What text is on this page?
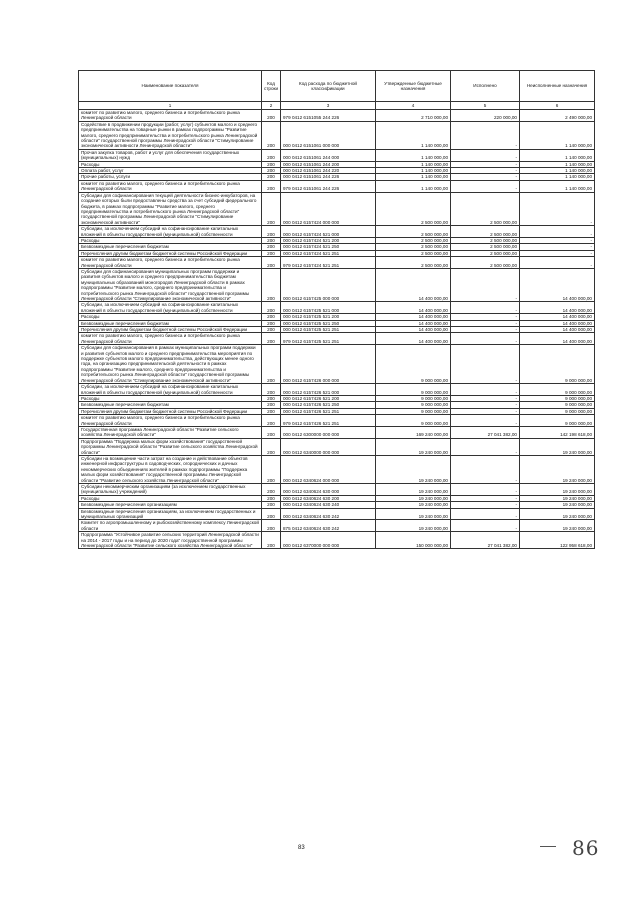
Наименование показателя	Код строки	Код расхода по бюджетной классификации	Утвержденные бюджетные назначения	Исполнено	Неисполненные назначения
1	2	3	4	5	6
комитет по развитию малого, среднего бизнеса и потребительского рынка Ленинградской области	200	979 0412 6151055 244 226	2 710 000,00	220 000,00	2 490 000,00
Содействие в продвижении продукции (работ, услуг) субъектов малого и среднего предпринимательства на товарные рынки в рамках подпрограммы "Развитие малого, среднего предпринимательства и потребительского рынка Ленинградской области" государственной программы Ленинградской области "Стимулирование экономической активности Ленинградской области"	200	000 0412 6151061 000 000	1 140 000,00	-	1 140 000,00
Прочая закупка товаров, работ и услуг для обеспечения государственных (муниципальных) нужд	200	000 0412 6151061 244 000	1 140 000,00	-	1 140 000,00
Расходы	200	000 0412 6151061 244 200	1 140 000,00	-	1 140 000,00
Оплата работ, услуг	200	000 0412 6151061 244 220	1 140 000,00	-	1 140 000,00
Прочие работы, услуги	200	000 0412 6151061 244 226	1 140 000,00	-	1 140 000,00
комитет по развитию малого, среднего бизнеса и потребительского рынка Ленинградской области	200	979 0412 6151061 244 226	1 140 000,00	-	1 140 000,00
Субсидии для софинансирования текущей деятельности бизнес-инкубаторов, на создание которых были предоставлены средства за счет субсидий федерального бюджета, в рамках подпрограммы "Развитие малого, среднего предпринимательства и потребительского рынка Ленинградской области" государственной программы Ленинградской области "Стимулирование экономической активности"	200	000 0412 6157424 000 000	2 500 000,00	2 500 000,00	-
Субсидии, за исключением субсидий на софинансирование капитальных вложений в объекты государственной (муниципальной) собственности	200	000 0412 6157424 521 000	2 500 000,00	2 500 000,00	-
Расходы	200	000 0412 6157424 521 200	2 500 000,00	2 500 000,00	-
Безвозмездные перечисления бюджетам	200	000 0412 6157424 521 250	2 500 000,00	2 500 000,00	-
Перечисления другим бюджетам бюджетной системы Российской Федерации	200	000 0412 6157424 521 251	2 500 000,00	2 500 000,00	-
комитет по развитию малого, среднего бизнеса и потребительского рынка Ленинградской области	200	979 0412 6157424 521 251	2 500 000,00	2 500 000,00	-
Субсидии для софинансирования муниципальных программ поддержки и развития субъектов малого и среднего предпринимательства бюджетам муниципальных образований моногородов Ленинградской области в рамках подпрограммы "Развитие малого, среднего предпринимательства и потребительского рынка Ленинградской области" государственной программы Ленинградской области "Стимулирование экономической активности"	200	000 0412 6157425 000 000	14 400 000,00	-	14 400 000,00
Субсидии, за исключением субсидий на софинансирование капитальных вложений в объекты государственной (муниципальной) собственности	200	000 0412 6157425 521 000	14 400 000,00	-	14 400 000,00
Расходы	200	000 0412 6157425 521 200	14 400 000,00	-	14 400 000,00
Безвозмездные перечисления бюджетам	200	000 0412 6157425 521 250	14 400 000,00	-	14 400 000,00
Перечисления другим бюджетам бюджетной системы Российской Федерации	200	000 0412 6157425 521 251	14 400 000,00	-	14 400 000,00
комитет по развитию малого, среднего бизнеса и потребительского рынка Ленинградской области	200	979 0412 6157425 521 251	14 400 000,00	-	14 400 000,00
Субсидии для софинансирования в рамках муниципальных программ поддержки и развития субъектов малого и среднего предпринимательства мероприятия по поддержке субъектов малого предпринимательства, действующих менее одного года, на организацию предпринимательской деятельности в рамках подпрограммы "Развитие малого, среднего предпринимательства и потребительского рынка Ленинградской области" государственной программы Ленинградской области "Стимулирование экономической активности"	200	000 0412 6157426 000 000	9 000 000,00	-	9 000 000,00
Субсидии, за исключением субсидий на софинансирование капитальных вложений в объекты государственной (муниципальной) собственности	200	000 0412 6157426 521 000	9 000 000,00	-	9 000 000,00
Расходы	200	000 0412 6157426 521 200	9 000 000,00	-	9 000 000,00
Безвозмездные перечисления бюджетам	200	000 0412 6157426 521 250	9 000 000,00	-	9 000 000,00
Перечисления другим бюджетам бюджетной системы Российской Федерации	200	000 0412 6157426 521 251	9 000 000,00	-	9 000 000,00
комитет по развитию малого, среднего бизнеса и потребительского рынка Ленинградской области	200	979 0412 6157426 521 251	9 000 000,00	-	9 000 000,00
Государственная программа Ленинградской области "Развитие сельского хозяйства Ленинградской области"	200	000 0412 6300000 000 000	169 240 000,00	27 041 382,00	142 198 618,00
Подпрограмма "Поддержка малых форм хозяйствования" государственной программы Ленинградской области "Развитие сельского хозяйства Ленинградской области"	200	000 0412 6340000 000 000	19 240 000,00	-	19 240 000,00
Субсидии на возмещение части затрат на создание и действование объектов инженерной инфраструктуры в садоводческих, огороднических и дачных некоммерческих объединениях жителей в рамках подпрограммы "Поддержка малых форм хозяйствования" государственной программы Ленинградской области "Развитие сельского хозяйства Ленинградской области"	200	000 0412 6340624 000 000	19 240 000,00	-	19 240 000,00
Субсидии некоммерческим организациям (за исключением государственных (муниципальных) учреждений)	200	000 0412 6340624 630 000	19 240 000,00	-	19 240 000,00
Расходы	200	000 0412 6340624 630 200	19 240 000,00	-	19 240 000,00
Безвозмездные перечисления организациям	200	000 0412 6340624 630 240	19 240 000,00	-	19 240 000,00
Безвозмездные перечисления организациям, за исключением государственных и муниципальных организаций	200	000 0412 6340624 630 242	19 240 000,00	-	19 240 000,00
Комитет по агропромышленному и рыбохозяйственному комплексу Ленинградской области	200	875 0412 6340624 630 242	19 240 000,00	-	19 240 000,00
Подпрограмма "Устойчивое развитие сельских территорий Ленинградской области на 2014 - 2017 годы и на период до 2020 года" государственной программы Ленинградской области "Развитие сельского хозяйства Ленинградской области"	200	000 0412 6370000 000 000	150 000 000,00	27 041 382,00	122 958 618,00
83	86
